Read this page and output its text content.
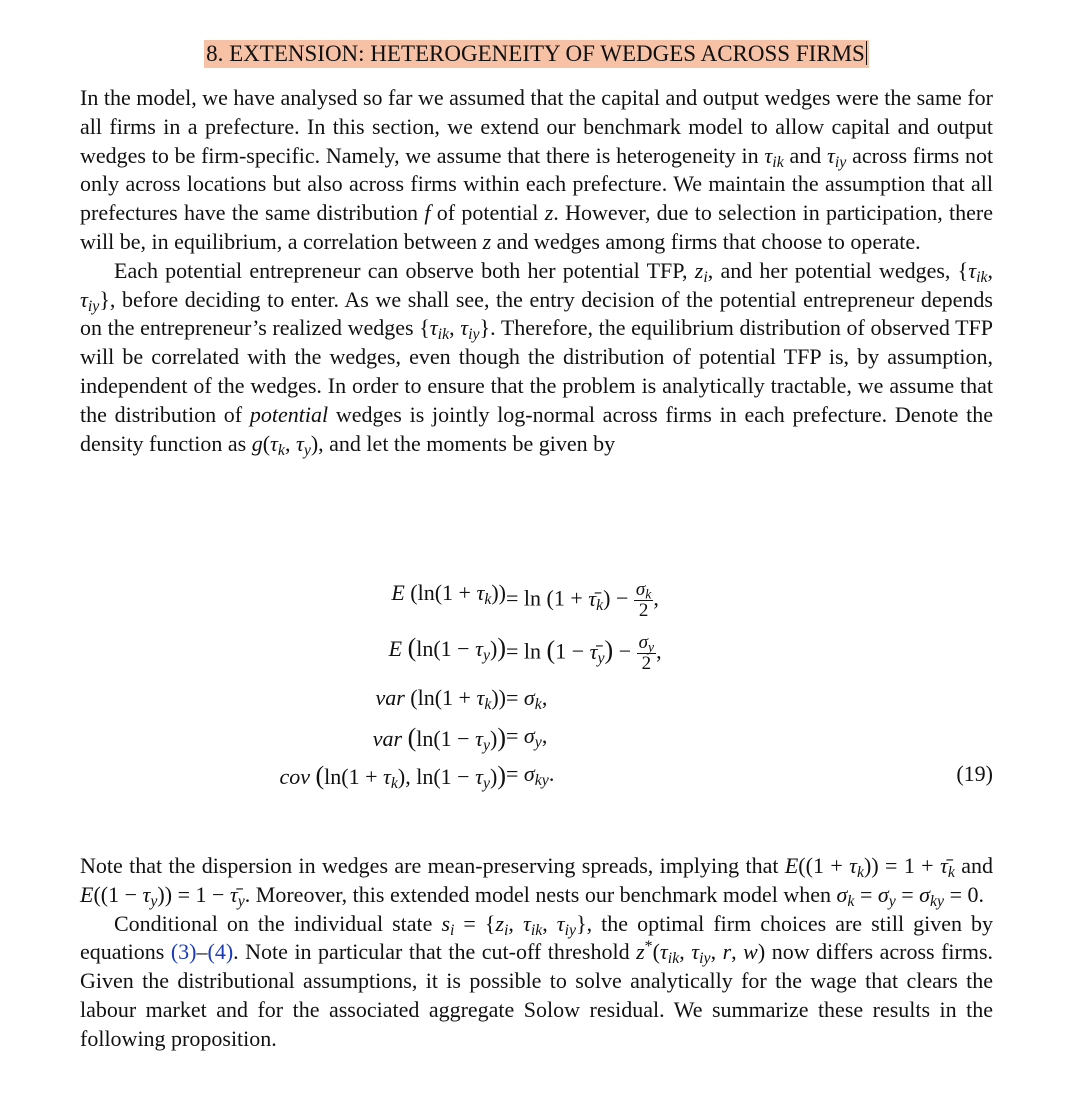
8. EXTENSION: HETEROGENEITY OF WEDGES ACROSS FIRMS

In the model, we have analysed so far we assumed that the capital and output wedges were the same for all firms in a prefecture. In this section, we extend our benchmark model to allow capital and output wedges to be firm-specific. Namely, we assume that there is heterogeneity in $\tau_{ik}$ and $\tau_{iy}$ across firms not only across locations but also across firms within each prefecture. We maintain the assumption that all prefectures have the same distribution f of potential z. However, due to selection in participation, there will be, in equilibrium, a correlation between z and wedges among firms that choose to operate.

Each potential entrepreneur can observe both her potential TFP, $z_i$, and her potential wedges, {$\tau_{ik}$, $\tau_{iy}$}, before deciding to enter. As we shall see, the entry decision of the potential entrepreneur depends on the entrepreneur’s realized wedges {$\tau_{ik}$, $\tau_{iy}$}. Therefore, the equilibrium distribution of observed TFP will be correlated with the wedges, even though the distribution of potential TFP is, by assumption, independent of the wedges. In order to ensure that the problem is analytically tractable, we assume that the distribution of potential wedges is jointly log-normal across firms in each prefecture. Denote the density function as $g(\tau_k$, $\tau_y$), and let the moments be given by

E $(\ln(1 + \tau_k)) = \ln (1$ + $\taū_k) - \frac{\sigma_k}{2}$ ,
E $(\ln(1 - \tau_y)) = \ln (1$ − $\taū_y) - \frac{\sigma_y}{2}$ ,
var $(\ln(1 + \tau_k)) = \sigma_k$,
var $(\ln(1 - \tau_y)) = \sigma_y$,
cov ($\ln(1 + \tau_k)$, $\ln(1 - \tau_y)) = \sigma_{ky}$.	(19)

Note that the dispersion in wedges are mean-preserving spreads, implying that $E((1 + \tau_k)) = 1$ + $\taū_k$ and $E((1 - \tau_y)) = 1$ − $\taū_y$. Moreover, this extended model nests our benchmark model when $\sigma_k = \sigma_y = \sigma_{ky} = 0$.

Conditional on the individual state $s_i = \{z_i$, $\tau_{ik}$, $\tau_{iy}$}, the optimal firm choices are still given by equations (3)–(4). Note in particular that the cut-off threshold $z^*(\tau_{ik}$, $\tau_{iy}$, r, w) now differs across firms. Given the distributional assumptions, it is possible to solve analytically for the wage that clears the labour market and for the associated aggregate Solow residual. We summarize these results in the following proposition.
